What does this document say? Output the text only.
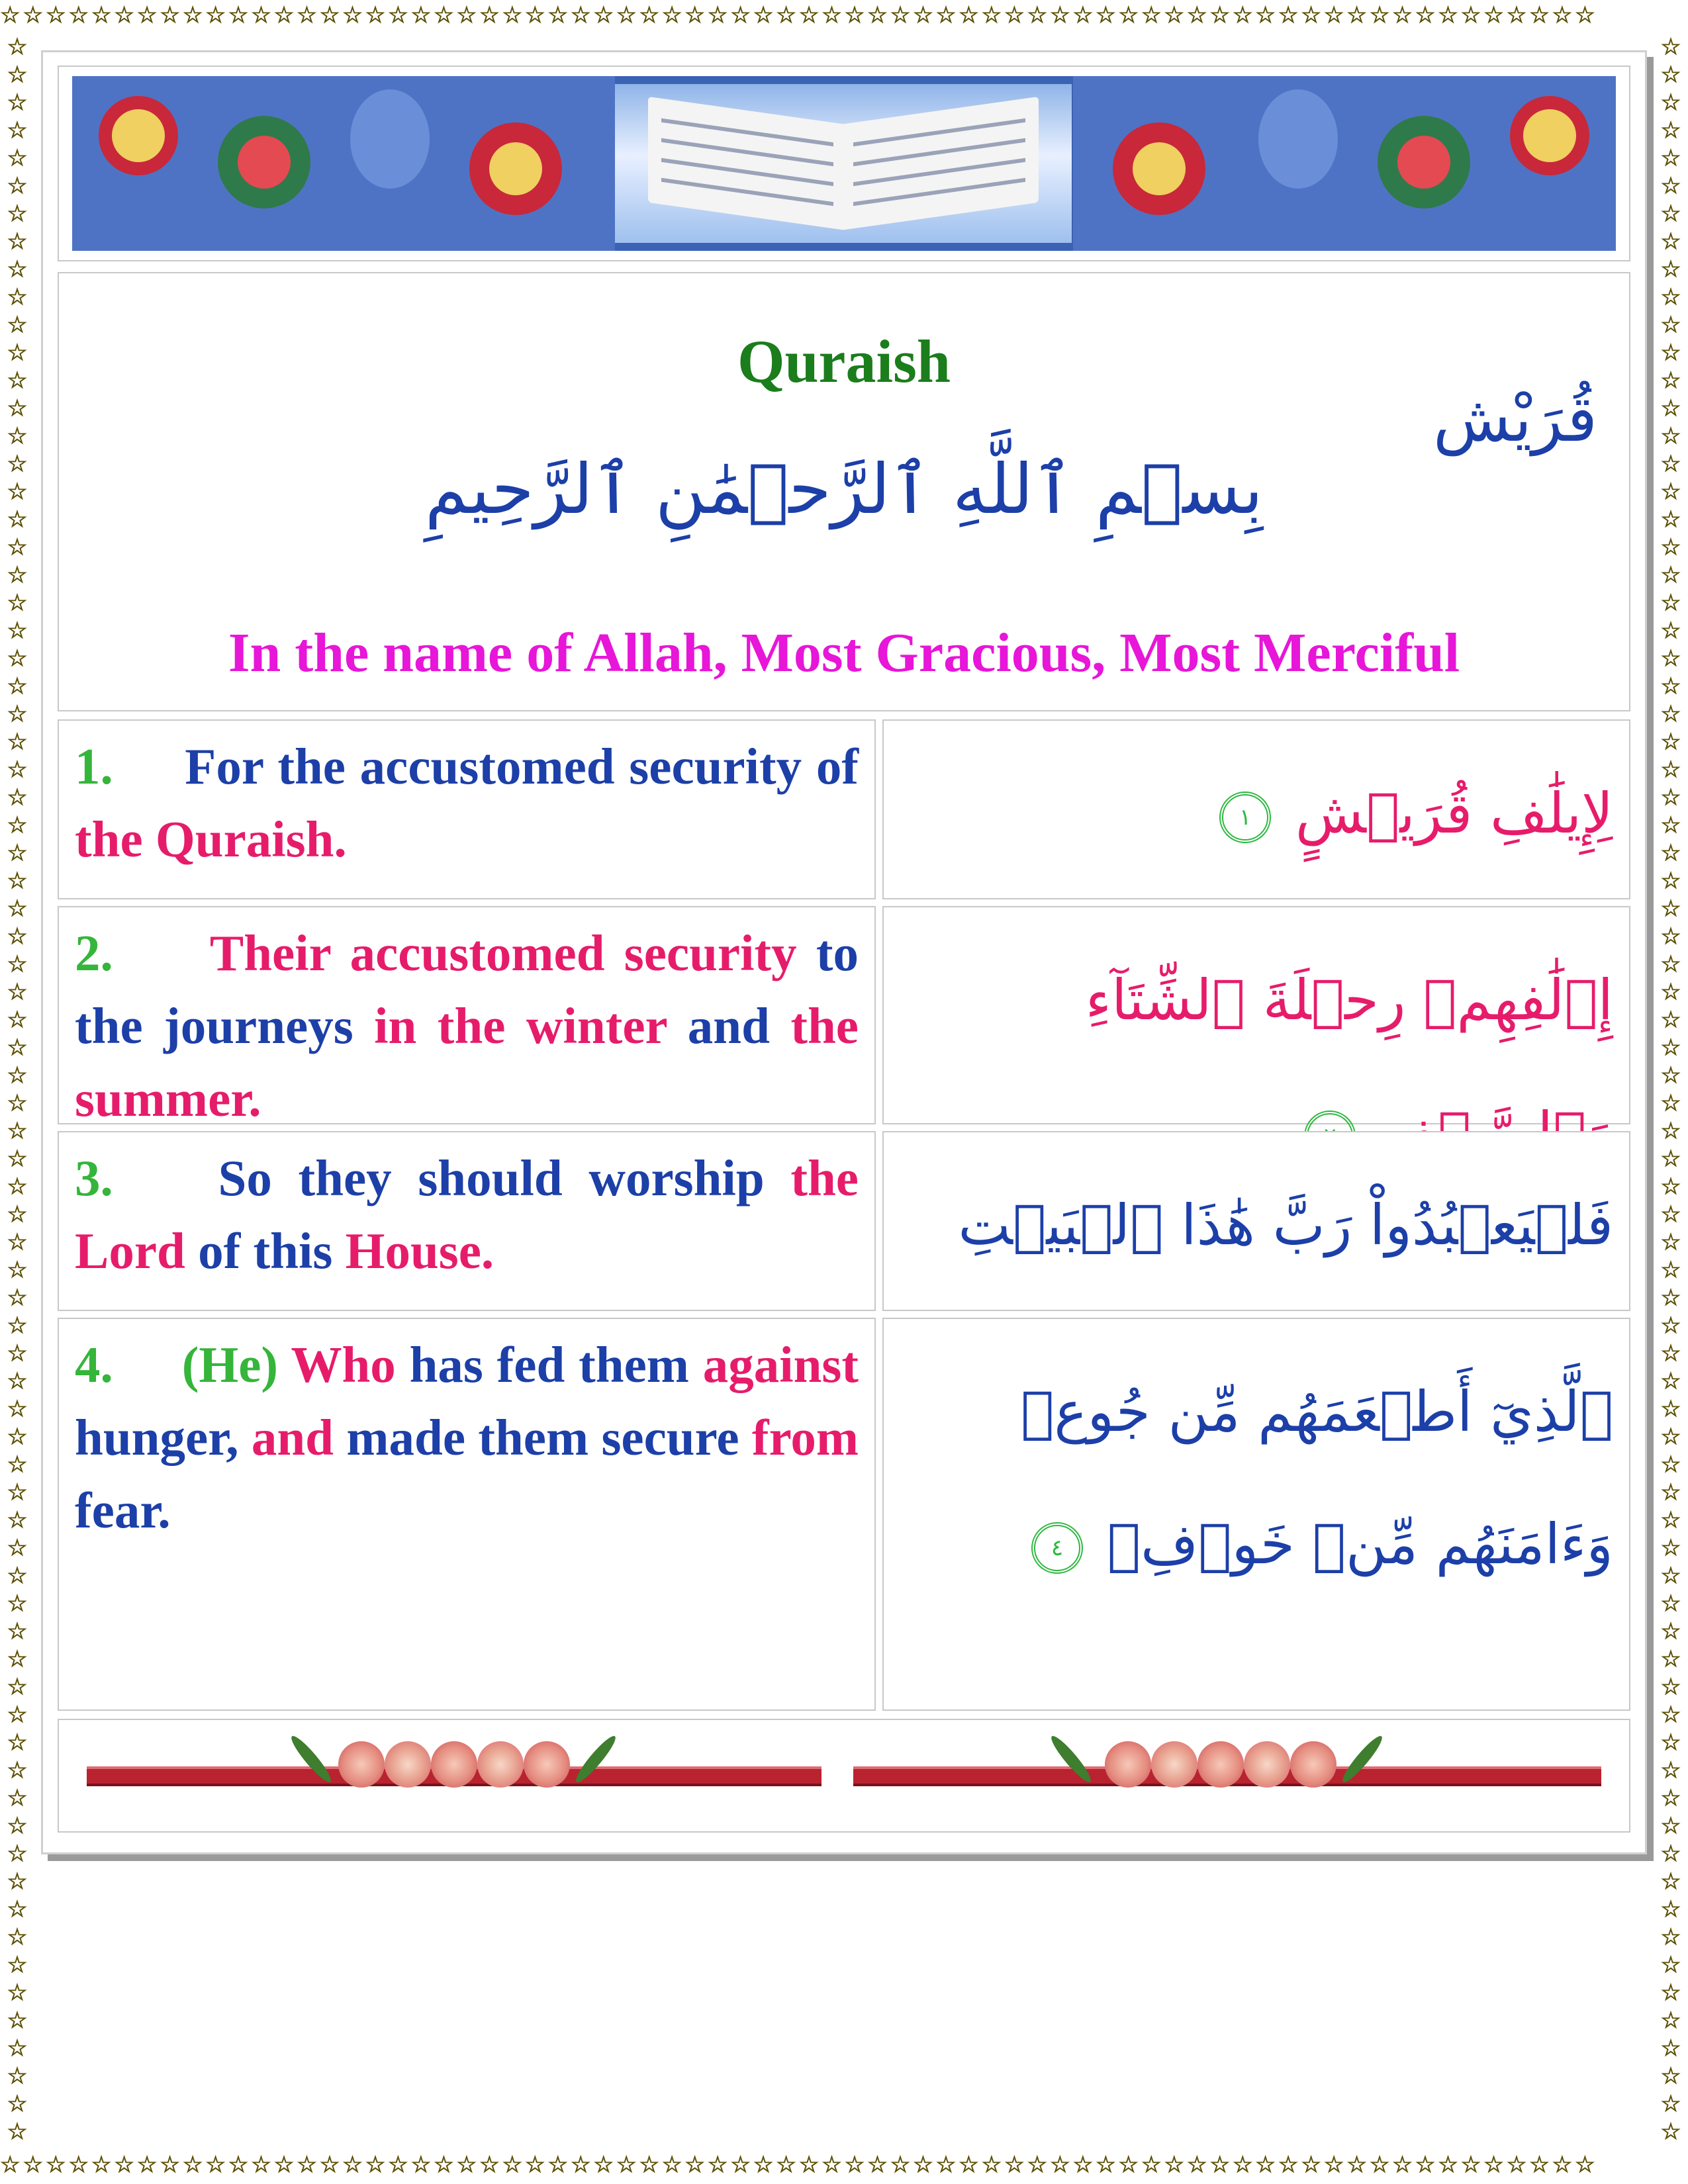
☆☆☆☆☆☆☆☆☆☆☆☆☆☆☆☆☆☆☆☆☆☆☆☆☆☆☆☆☆☆☆☆☆☆☆☆☆☆☆☆☆☆☆☆☆☆☆☆☆☆☆☆☆☆☆☆☆☆☆☆☆☆☆☆☆☆☆☆☆☆
☆☆☆☆☆☆☆☆☆☆☆☆☆☆☆☆☆☆☆☆☆☆☆☆☆☆☆☆☆☆☆☆☆☆☆☆☆☆☆☆☆☆☆☆☆☆☆☆☆☆☆☆☆☆☆☆☆☆☆☆☆☆☆☆☆☆☆☆☆☆
☆☆☆☆☆☆☆☆☆☆☆☆☆☆☆☆☆☆☆☆☆☆☆☆☆☆☆☆☆☆☆☆☆☆☆☆☆☆☆☆☆☆☆☆☆☆☆☆☆☆☆☆☆☆☆☆☆☆☆☆☆☆☆☆☆☆☆☆☆☆☆☆☆☆☆☆
☆☆☆☆☆☆☆☆☆☆☆☆☆☆☆☆☆☆☆☆☆☆☆☆☆☆☆☆☆☆☆☆☆☆☆☆☆☆☆☆☆☆☆☆☆☆☆☆☆☆☆☆☆☆☆☆☆☆☆☆☆☆☆☆☆☆☆☆☆☆☆☆☆☆☆☆
قُرَيْش
Quraish
بِسۡمِ ٱللَّهِ ٱلرَّحۡمَٰنِ ٱلرَّحِيمِ
In the name of Allah, Most Gracious, Most Merciful
1. For the accustomed security of the Quraish.	لِإِيلَٰفِ قُرَيۡشٍ ١
2. Their accustomed security to the journeys in the winter and the summer.
إِۦلَٰفِهِمۡ رِحۡلَةَ ٱلشِّتَآءِ
3. So they should worship the Lord of this House.	فَلۡيَعۡبُدُواْ رَبَّ هَٰذَا ٱلۡبَيۡتِ
4. (He) Who has fed them against hunger, and made them secure from fear.
ٱلَّذِيٓ أَطۡعَمَهُم مِّن جُوعٖ وَءَامَنَهُم مِّنۡ خَوۡفِۭ ٤
